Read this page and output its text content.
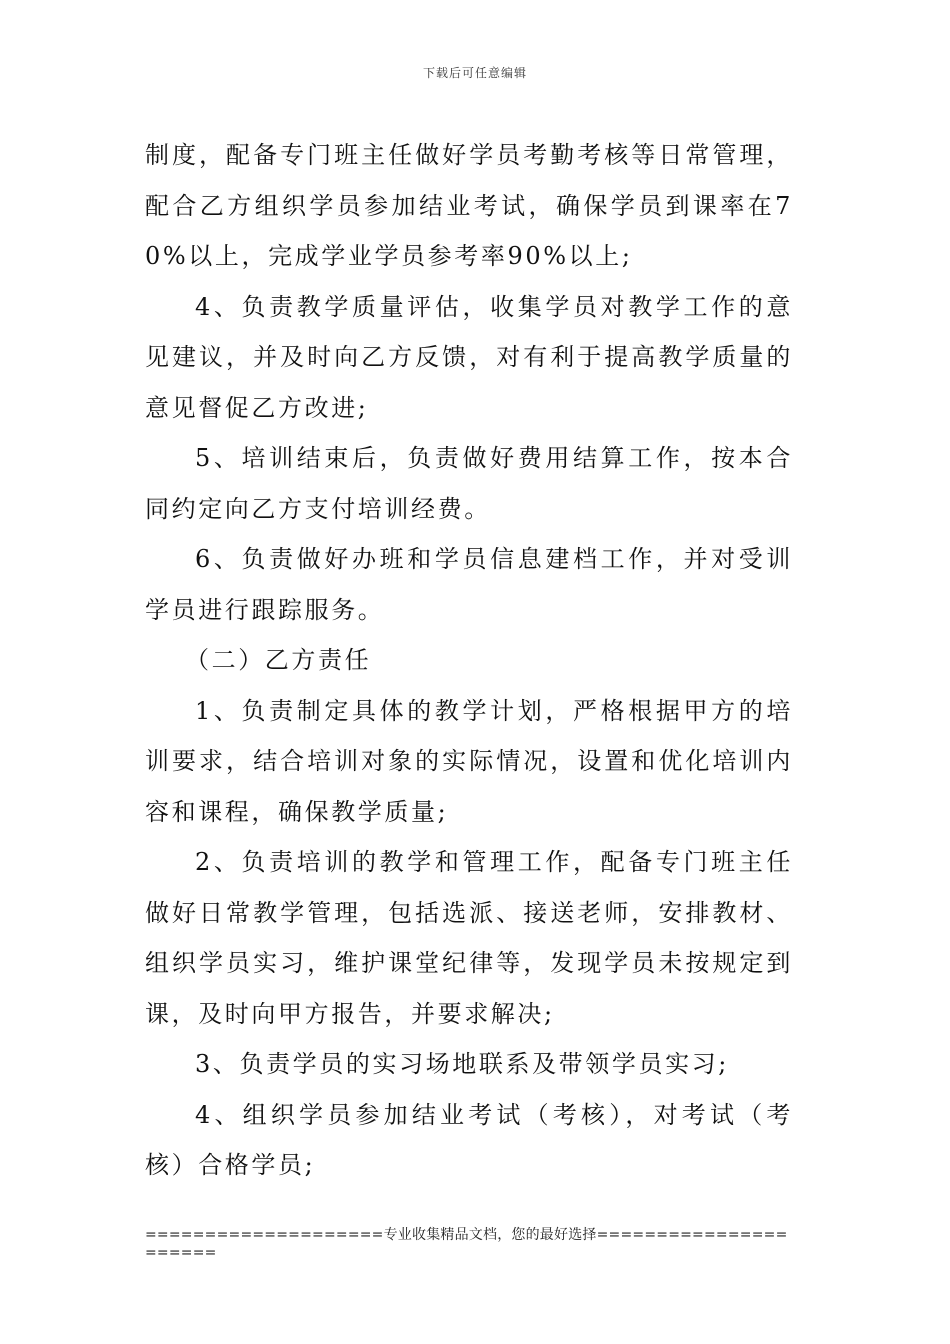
下载后可任意编辑

制度，配备专门班主任做好学员考勤考核等日常管理，配合乙方组织学员参加结业考试，确保学员到课率在70%以上，完成学业学员参考率90%以上;

4、负责教学质量评估，收集学员对教学工作的意见建议，并及时向乙方反馈，对有利于提高教学质量的意见督促乙方改进;

5、培训结束后，负责做好费用结算工作，按本合同约定向乙方支付培训经费。

6、负责做好办班和学员信息建档工作，并对受训学员进行跟踪服务。

（二）乙方责任

1、负责制定具体的教学计划，严格根据甲方的培训要求，结合培训对象的实际情况，设置和优化培训内容和课程，确保教学质量;

2、负责培训的教学和管理工作，配备专门班主任做好日常教学管理，包括选派、接送老师，安排教材、组织学员实习，维护课堂纪律等，发现学员未按规定到课，及时向甲方报告，并要求解决;

3、负责学员的实习场地联系及带领学员实习;

4、组织学员参加结业考试（考核），对考试（考核）合格学员;

====================专业收集精品文档，您的最好选择======================
